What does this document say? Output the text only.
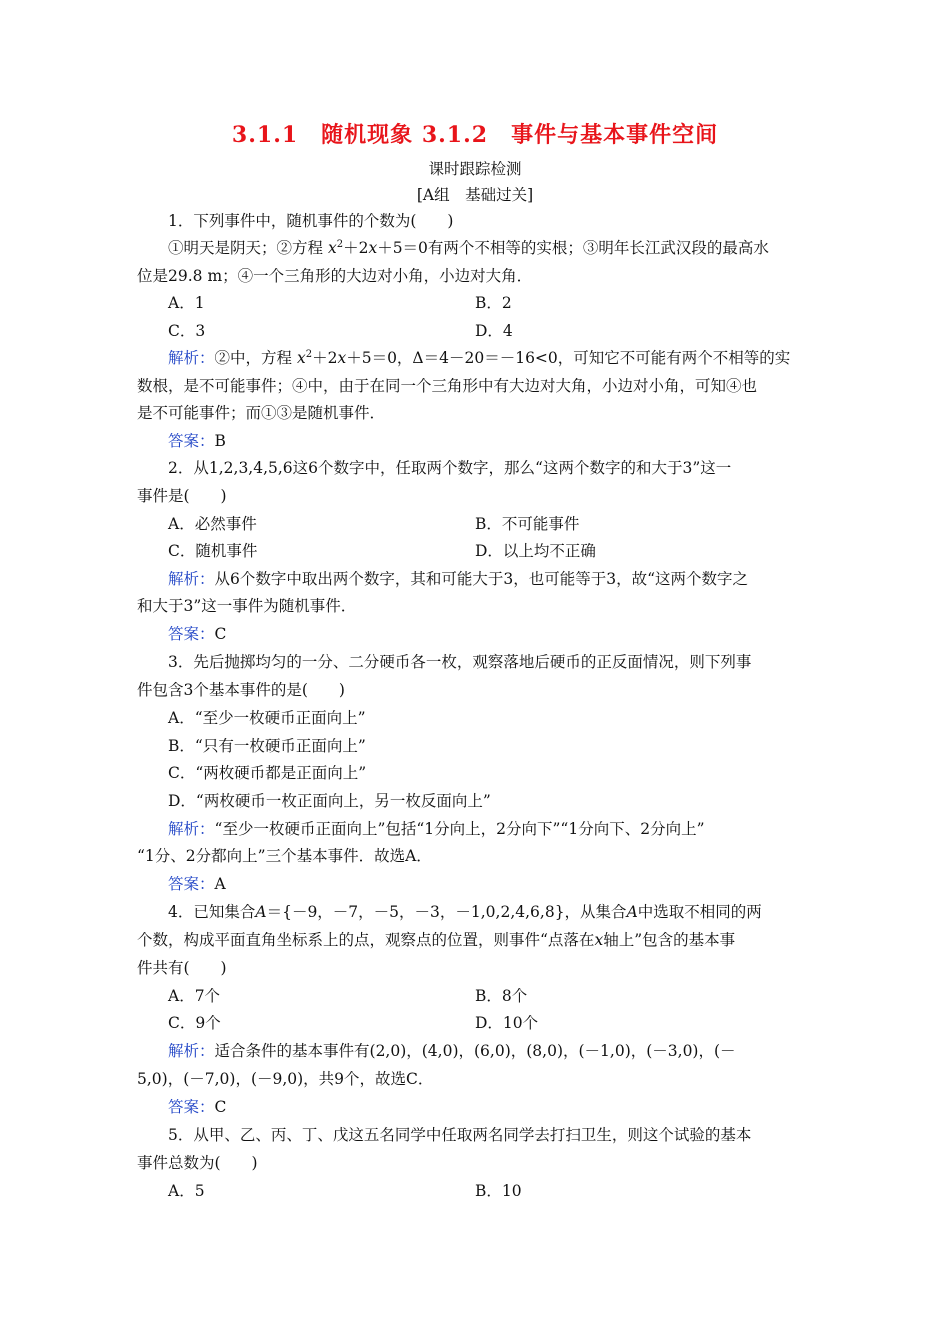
3.1.1　随机现象 3.1.2　事件与基本事件空间
课时跟踪检测
[A组　基础过关]
1．下列事件中，随机事件的个数为(　　)
①明天是阴天；②方程 $x^2+2x+5=0$有两个不相等的实根；③明年长江武汉段的最高水
位是29.8 m；④一个三角形的大边对小角，小边对大角．
A．1	B．2
C．3	D．4
解析：②中，方程 $x^2+2x+5=0$，Δ＝4－20＝－16<0，可知它不可能有两个不相等的实
数根，是不可能事件；④中，由于在同一个三角形中有大边对大角，小边对小角，可知④也
是不可能事件；而①③是随机事件．
答案：B
2．从1,2,3,4,5,6这6个数字中，任取两个数字，那么“这两个数字的和大于3”这一
事件是(　　)
A．必然事件	B．不可能事件
C．随机事件	D．以上均不正确
解析：从6个数字中取出两个数字，其和可能大于3，也可能等于3，故“这两个数字之
和大于3”这一事件为随机事件．
答案：C
3．先后抛掷均匀的一分、二分硬币各一枚，观察落地后硬币的正反面情况，则下列事
件包含3个基本事件的是(　　)
A．“至少一枚硬币正面向上”
B．“只有一枚硬币正面向上”
C．“两枚硬币都是正面向上”
D．“两枚硬币一枚正面向上，另一枚反面向上”
解析：“至少一枚硬币正面向上”包括“1分向上，2分向下”“1分向下、2分向上”
“1分、2分都向上”三个基本事件．故选A．
答案：A
4．已知集合A＝{－9，－7，－5，－3，－1,0,2,4,6,8}，从集合A中选取不相同的两
个数，构成平面直角坐标系上的点，观察点的位置，则事件“点落在x轴上”包含的基本事
件共有(　　)
A．7个	B．8个
C．9个	D．10个
解析：适合条件的基本事件有(2,0)，(4,0)，(6,0)，(8,0)，(－1,0)，(－3,0)，(－
5,0)，(－7,0)，(－9,0)，共9个，故选C．
答案：C
5．从甲、乙、丙、丁、戊这五名同学中任取两名同学去打扫卫生，则这个试验的基本
事件总数为(　　)
A．5	B．10
